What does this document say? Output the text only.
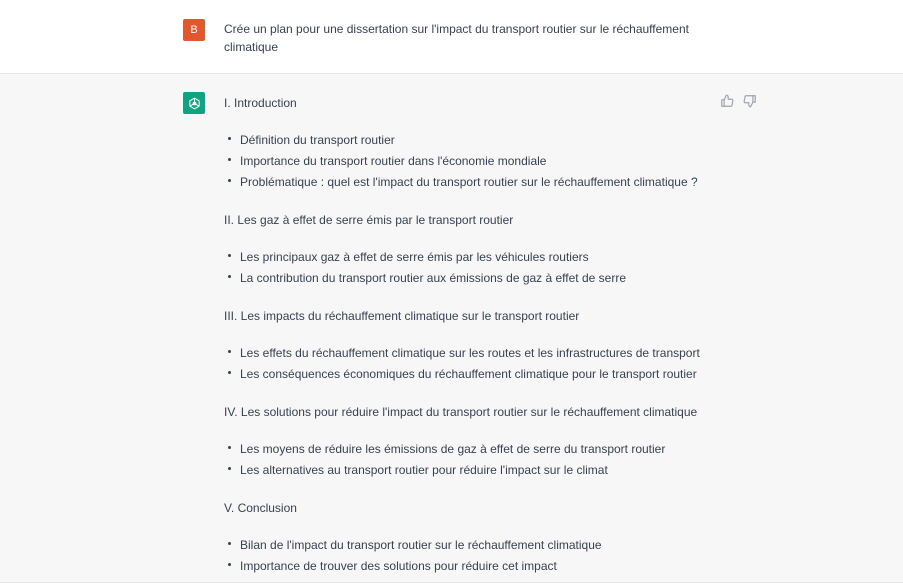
B	Crée un plan pour une dissertation sur l'impact du transport routier sur le réchauffement climatique
I. Introduction
Définition du transport routier
Importance du transport routier dans l'économie mondiale
Problématique : quel est l'impact du transport routier sur le réchauffement climatique ?
II. Les gaz à effet de serre émis par le transport routier
Les principaux gaz à effet de serre émis par les véhicules routiers
La contribution du transport routier aux émissions de gaz à effet de serre
III. Les impacts du réchauffement climatique sur le transport routier
Les effets du réchauffement climatique sur les routes et les infrastructures de transport
Les conséquences économiques du réchauffement climatique pour le transport routier
IV. Les solutions pour réduire l'impact du transport routier sur le réchauffement climatique
Les moyens de réduire les émissions de gaz à effet de serre du transport routier
Les alternatives au transport routier pour réduire l'impact sur le climat
V. Conclusion
Bilan de l'impact du transport routier sur le réchauffement climatique
Importance de trouver des solutions pour réduire cet impact
